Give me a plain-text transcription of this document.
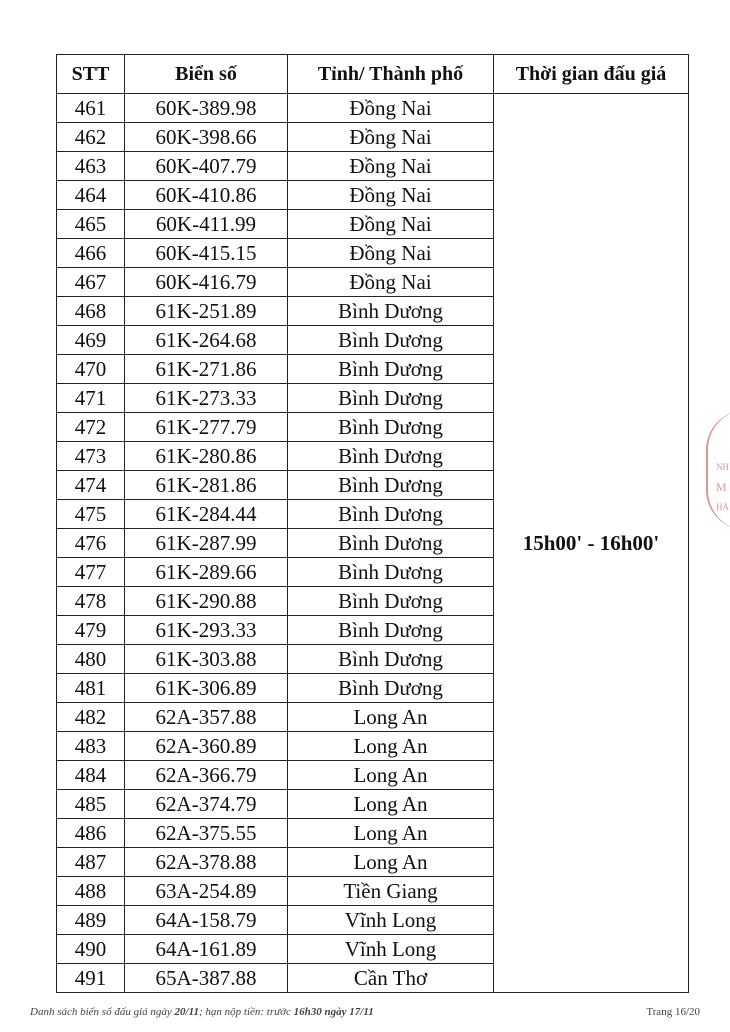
STT	Biển số	Tỉnh/ Thành phố	Thời gian đấu giá
461	60K-389.98	Đồng Nai	15h00' - 16h00'
462	60K-398.66	Đồng Nai	
463	60K-407.79	Đồng Nai	
464	60K-410.86	Đồng Nai	
465	60K-411.99	Đồng Nai	
466	60K-415.15	Đồng Nai	
467	60K-416.79	Đồng Nai	
468	61K-251.89	Bình Dương	
469	61K-264.68	Bình Dương	
470	61K-271.86	Bình Dương	
471	61K-273.33	Bình Dương	
472	61K-277.79	Bình Dương	
473	61K-280.86	Bình Dương	
474	61K-281.86	Bình Dương	
475	61K-284.44	Bình Dương	
476	61K-287.99	Bình Dương	
477	61K-289.66	Bình Dương	
478	61K-290.88	Bình Dương	
479	61K-293.33	Bình Dương	
480	61K-303.88	Bình Dương	
481	61K-306.89	Bình Dương	
482	62A-357.88	Long An	
483	62A-360.89	Long An	
484	62A-366.79	Long An	
485	62A-374.79	Long An	
486	62A-375.55	Long An	
487	62A-378.88	Long An	
488	63A-254.89	Tiền Giang	
489	64A-158.79	Vĩnh Long	
490	64A-161.89	Vĩnh Long	
491	65A-387.88	Cần Thơ	
NH
M
HÀ
Danh sách biển số đấu giá ngày 20/11; hạn nộp tiền: trước 16h30 ngày 17/11	Trang 16/20
